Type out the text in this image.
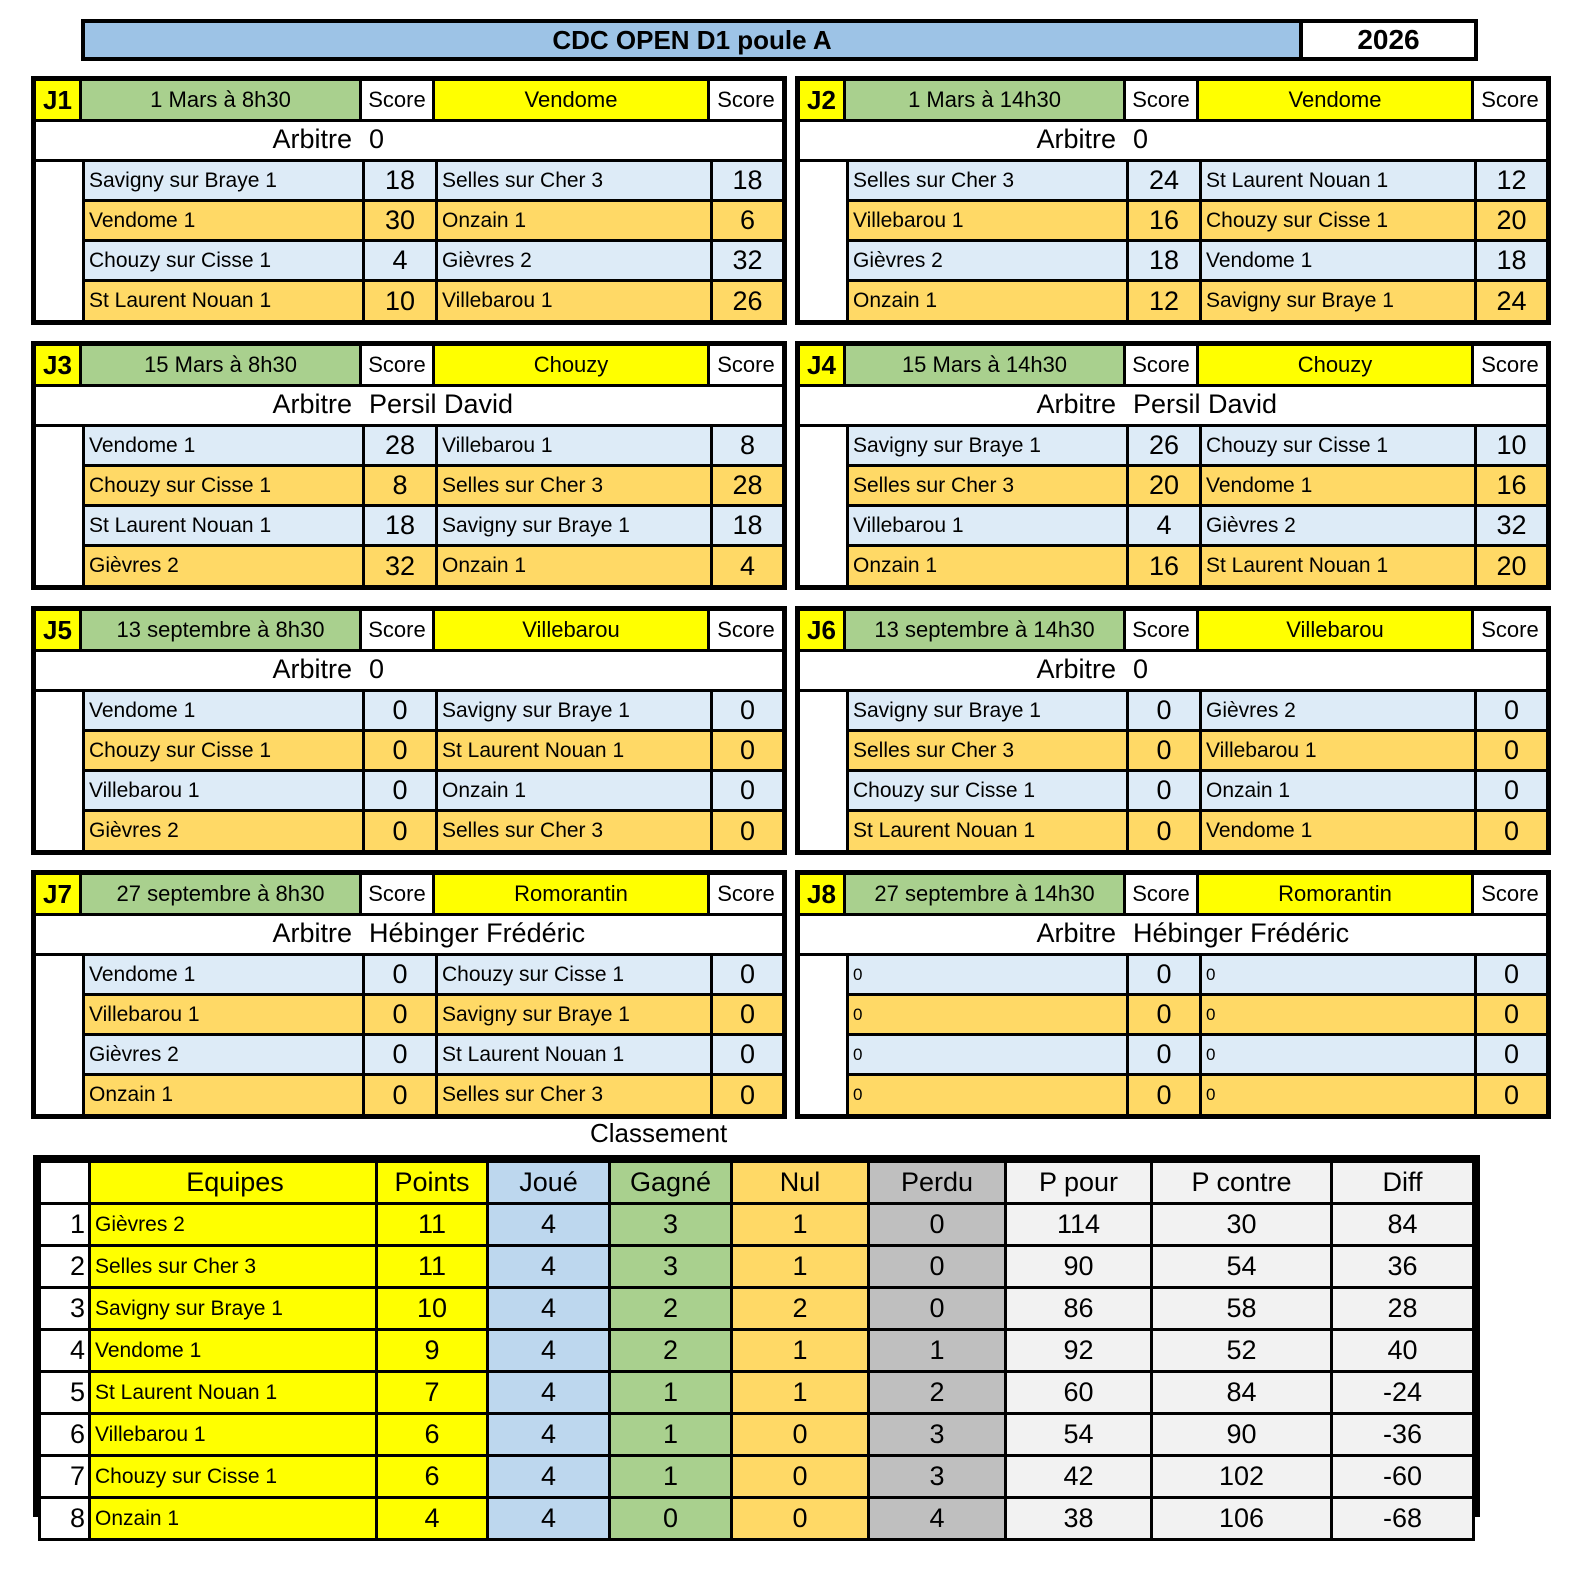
CDC OPEN D1 poule A	2026
J1	1 Mars à 8h30	Score	Vendome	Score
Arbitre 0
Savigny sur Braye 1	18	Selles sur Cher 3	18
Vendome 1	30	Onzain 1	6
Chouzy sur Cisse 1	4	Gièvres 2	32
St Laurent Nouan 1	10	Villebarou 1	26
J2	1 Mars à 14h30	Score	Vendome	Score
Arbitre 0
Selles sur Cher 3	24	St Laurent Nouan 1	12
Villebarou 1	16	Chouzy sur Cisse 1	20
Gièvres 2	18	Vendome 1	18
Onzain 1	12	Savigny sur Braye 1	24
J3	15 Mars à 8h30	Score	Chouzy	Score
Arbitre Persil David
Vendome 1	28	Villebarou 1	8
Chouzy sur Cisse 1	8	Selles sur Cher 3	28
St Laurent Nouan 1	18	Savigny sur Braye 1	18
Gièvres 2	32	Onzain 1	4
J4	15 Mars à 14h30	Score	Chouzy	Score
Arbitre Persil David
Savigny sur Braye 1	26	Chouzy sur Cisse 1	10
Selles sur Cher 3	20	Vendome 1	16
Villebarou 1	4	Gièvres 2	32
Onzain 1	16	St Laurent Nouan 1	20
J5	13 septembre à 8h30	Score	Villebarou	Score
Arbitre 0
Vendome 1	0	Savigny sur Braye 1	0
Chouzy sur Cisse 1	0	St Laurent Nouan 1	0
Villebarou 1	0	Onzain 1	0
Gièvres 2	0	Selles sur Cher 3	0
J6	13 septembre à 14h30	Score	Villebarou	Score
Arbitre 0
Savigny sur Braye 1	0	Gièvres 2	0
Selles sur Cher 3	0	Villebarou 1	0
Chouzy sur Cisse 1	0	Onzain 1	0
St Laurent Nouan 1	0	Vendome 1	0
J7	27 septembre à 8h30	Score	Romorantin	Score
Arbitre Hébinger Frédéric
Vendome 1	0	Chouzy sur Cisse 1	0
Villebarou 1	0	Savigny sur Braye 1	0
Gièvres 2	0	St Laurent Nouan 1	0
Onzain 1	0	Selles sur Cher 3	0
J8	27 septembre à 14h30	Score	Romorantin	Score
Arbitre Hébinger Frédéric
0	0	0	0
0	0	0	0
0	0	0	0
0	0	0	0
Classement
	Equipes	Points	Joué	Gagné	Nul	Perdu	P pour	P contre	Diff
1	Gièvres 2	11	4	3	1	0	114	30	84
2	Selles sur Cher 3	11	4	3	1	0	90	54	36
3	Savigny sur Braye 1	10	4	2	2	0	86	58	28
4	Vendome 1	9	4	2	1	1	92	52	40
5	St Laurent Nouan 1	7	4	1	1	2	60	84	-24
6	Villebarou 1	6	4	1	0	3	54	90	-36
7	Chouzy sur Cisse 1	6	4	1	0	3	42	102	-60
8	Onzain 1	4	4	0	0	4	38	106	-68
